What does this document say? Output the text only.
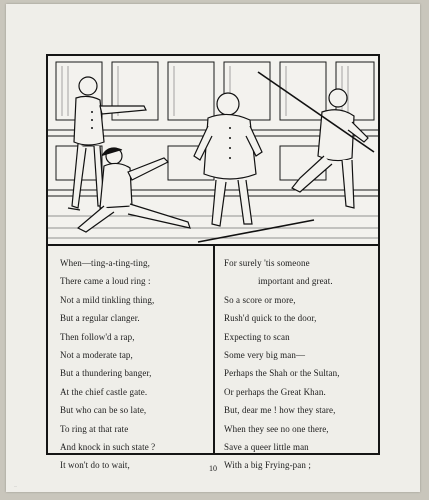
When—ting-a-ting-ting,
There came a loud ring :
Not a mild tinkling thing,
But a regular clanger.
Then follow'd a rap,
Not a moderate tap,
But a thundering banger,
At the chief castle gate.
But who can be so late,
To ring at that rate
And knock in such state ?
It won't do to wait,
For surely 'tis someone
important and great.
So a score or more,
Rush'd quick to the door,
Expecting to scan
Some very big man—
Perhaps the Shah or the Sultan,
Or perhaps the Great Khan.
But, dear me ! how they stare,
When they see no one there,
Save a queer little man
With a big Frying-pan ;
10
...
